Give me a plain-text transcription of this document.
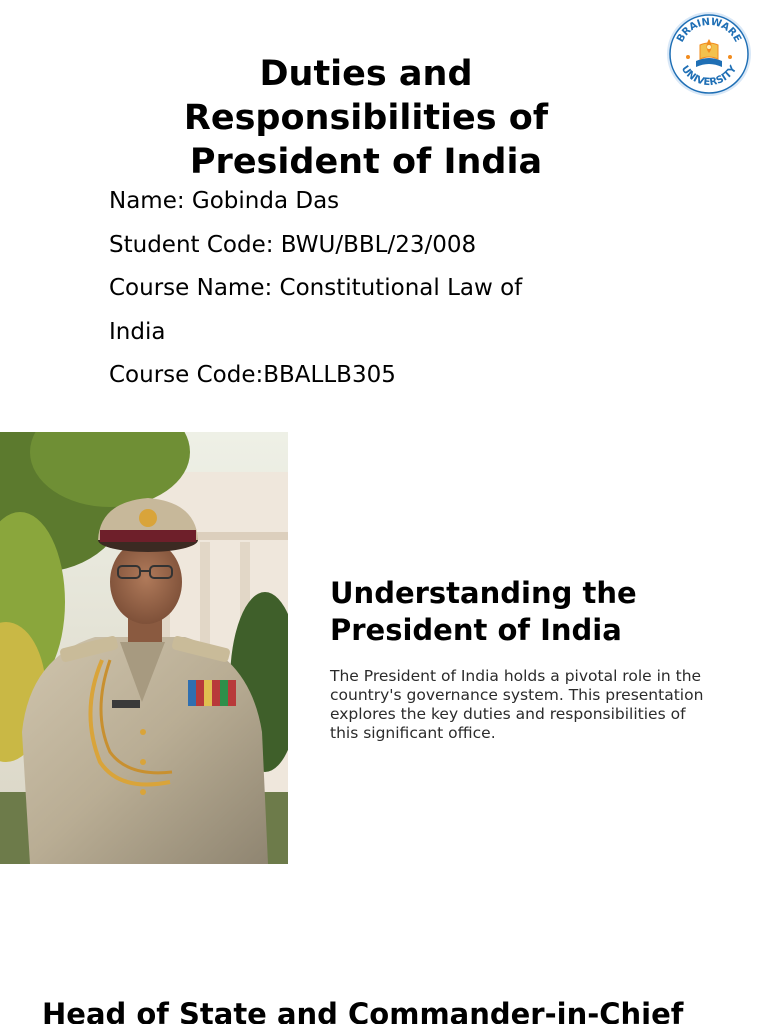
BRAINWARE
UNIVERSITY
Duties and Responsibilities of President of India

Name: Gobinda Das

Student Code: BWU/BBL/23/008

Course Name: Constitutional Law of

India

Course Code:BBALLB305

Understanding the President of India

The President of India holds a pivotal role in the country's governance system. This presentation explores the key duties and responsibilities of this significant office.

Head of State and Commander-in-Chief
